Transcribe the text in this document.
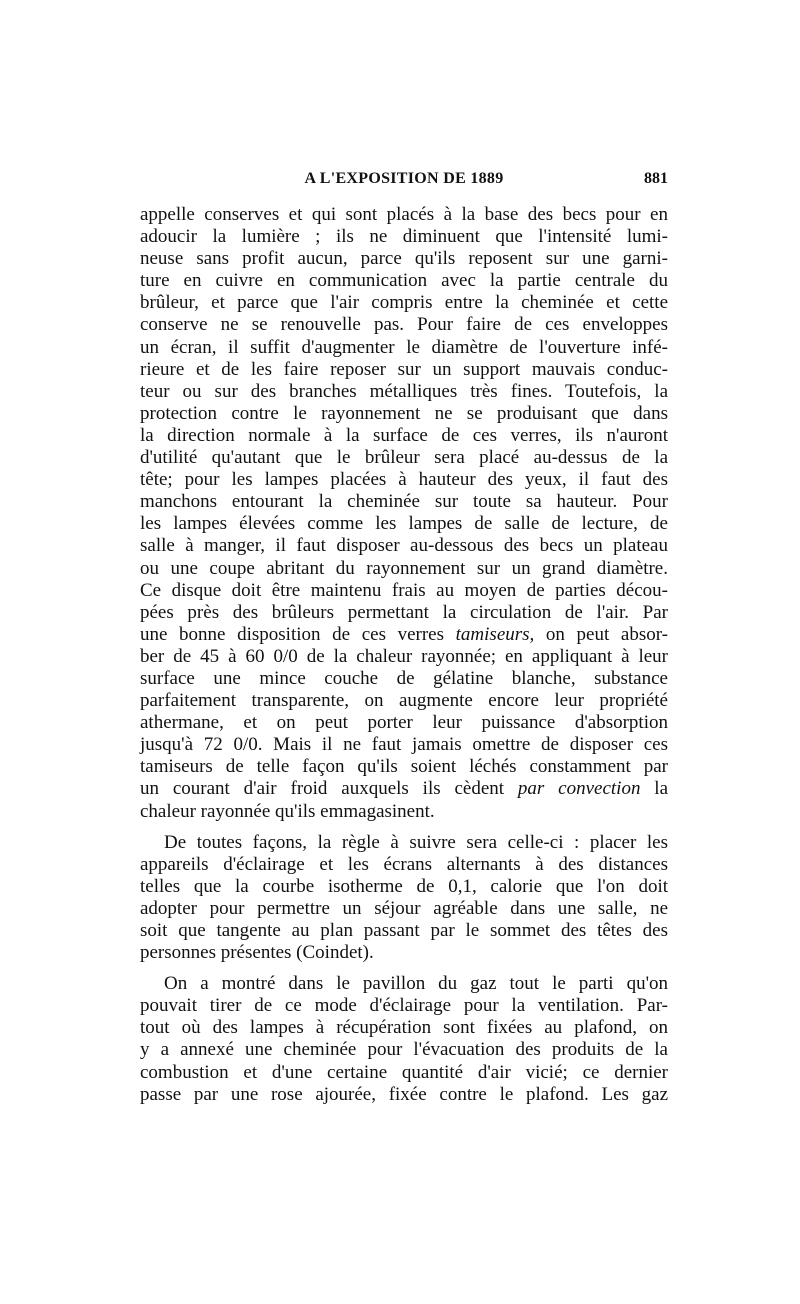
A L'EXPOSITION DE 1889	881
appelle conserves et qui sont placés à la base des becs pour en
adoucir la lumière ; ils ne diminuent que l'intensité lumi-
neuse sans profit aucun, parce qu'ils reposent sur une garni-
ture en cuivre en communication avec la partie centrale du
brûleur, et parce que l'air compris entre la cheminée et cette
conserve ne se renouvelle pas. Pour faire de ces enveloppes
un écran, il suffit d'augmenter le diamètre de l'ouverture infé-
rieure et de les faire reposer sur un support mauvais conduc-
teur ou sur des branches métalliques très fines. Toutefois, la
protection contre le rayonnement ne se produisant que dans
la direction normale à la surface de ces verres, ils n'auront
d'utilité qu'autant que le brûleur sera placé au-dessus de la
tête; pour les lampes placées à hauteur des yeux, il faut des
manchons entourant la cheminée sur toute sa hauteur. Pour
les lampes élevées comme les lampes de salle de lecture, de
salle à manger, il faut disposer au-dessous des becs un plateau
ou une coupe abritant du rayonnement sur un grand diamètre.
Ce disque doit être maintenu frais au moyen de parties décou-
pées près des brûleurs permettant la circulation de l'air. Par
une bonne disposition de ces verres tamiseurs, on peut absor-
ber de 45 à 60 0/0 de la chaleur rayonnée; en appliquant à leur
surface une mince couche de gélatine blanche, substance
parfaitement transparente, on augmente encore leur propriété
athermane, et on peut porter leur puissance d'absorption
jusqu'à 72 0/0. Mais il ne faut jamais omettre de disposer ces
tamiseurs de telle façon qu'ils soient léchés constamment par
un courant d'air froid auxquels ils cèdent par convection la
chaleur rayonnée qu'ils emmagasinent.
De toutes façons, la règle à suivre sera celle-ci : placer les
appareils d'éclairage et les écrans alternants à des distances
telles que la courbe isotherme de 0,1, calorie que l'on doit
adopter pour permettre un séjour agréable dans une salle, ne
soit que tangente au plan passant par le sommet des têtes des
personnes présentes (Coindet).
On a montré dans le pavillon du gaz tout le parti qu'on
pouvait tirer de ce mode d'éclairage pour la ventilation. Par-
tout où des lampes à récupération sont fixées au plafond, on
y a annexé une cheminée pour l'évacuation des produits de la
combustion et d'une certaine quantité d'air vicié; ce dernier
passe par une rose ajourée, fixée contre le plafond. Les gaz
